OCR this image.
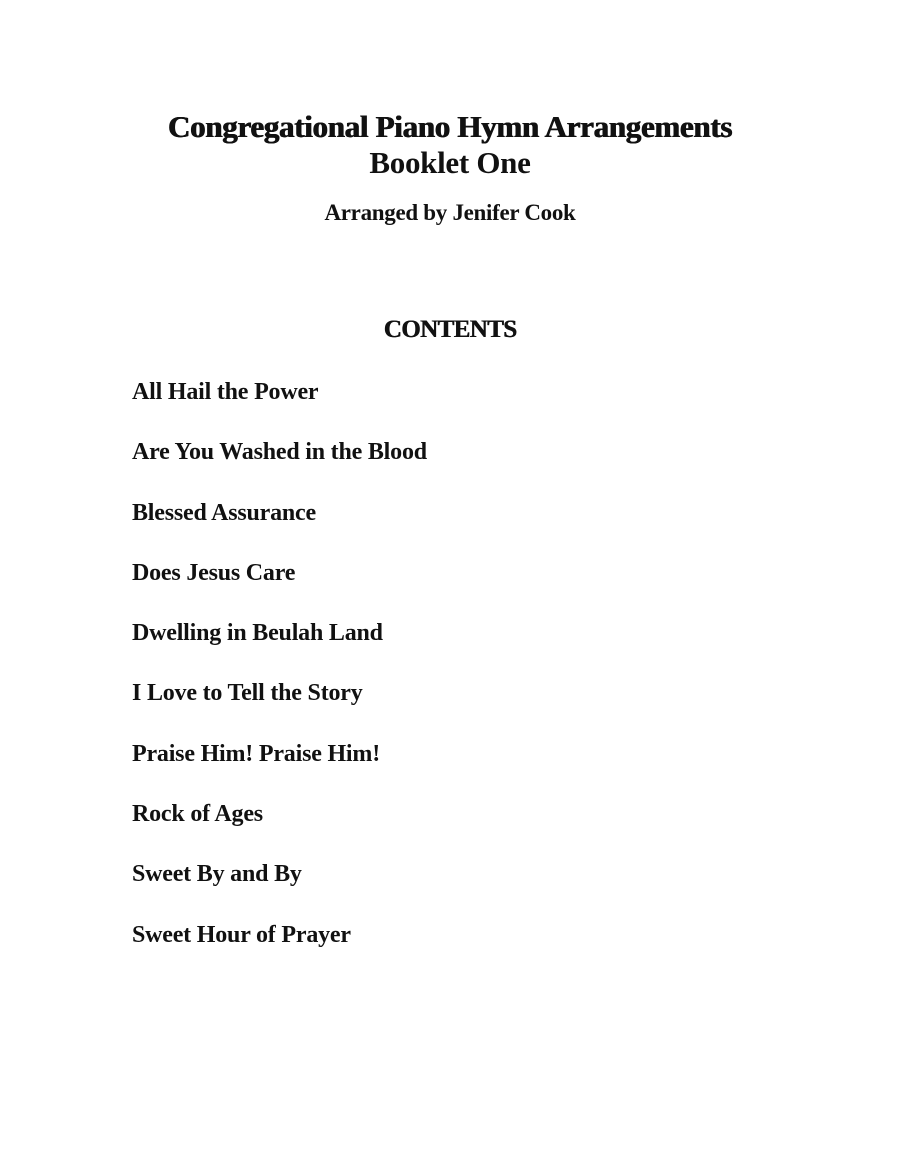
Congregational Piano Hymn Arrangements
Booklet One
Arranged by Jenifer Cook
CONTENTS
All Hail the Power
Are You Washed in the Blood
Blessed Assurance
Does Jesus Care
Dwelling in Beulah Land
I Love to Tell the Story
Praise Him! Praise Him!
Rock of Ages
Sweet By and By
Sweet Hour of Prayer
